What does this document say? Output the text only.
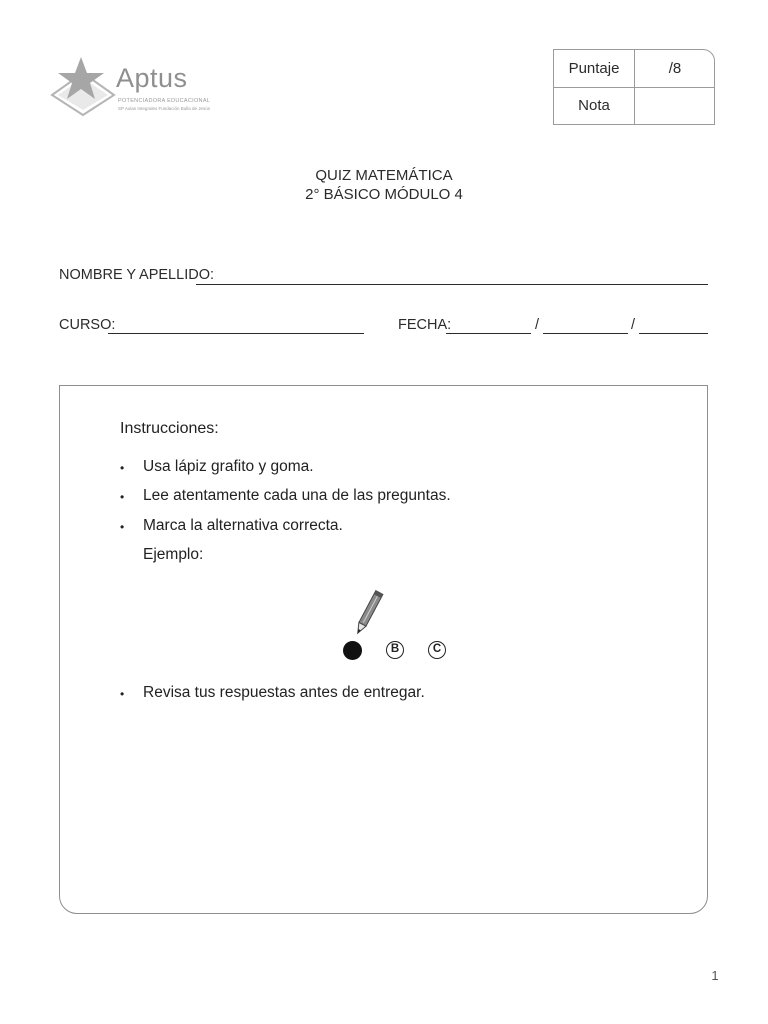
Aptus
POTENCIADORA EDUCACIONAL
SP Aulas Integrales Fundación Bulla de Jesús
Puntaje	/8
Nota
QUIZ MATEMÁTICA
2° BÁSICO MÓDULO 4
NOMBRE Y APELLIDO:
CURSO:	FECHA:	/	/
Instrucciones:
• Usa lápiz grafito y goma.
• Lee atentamente cada una de las preguntas.
• Marca la alternativa correcta.
Ejemplo:
B	C
• Revisa tus respuestas antes de entregar.
1
